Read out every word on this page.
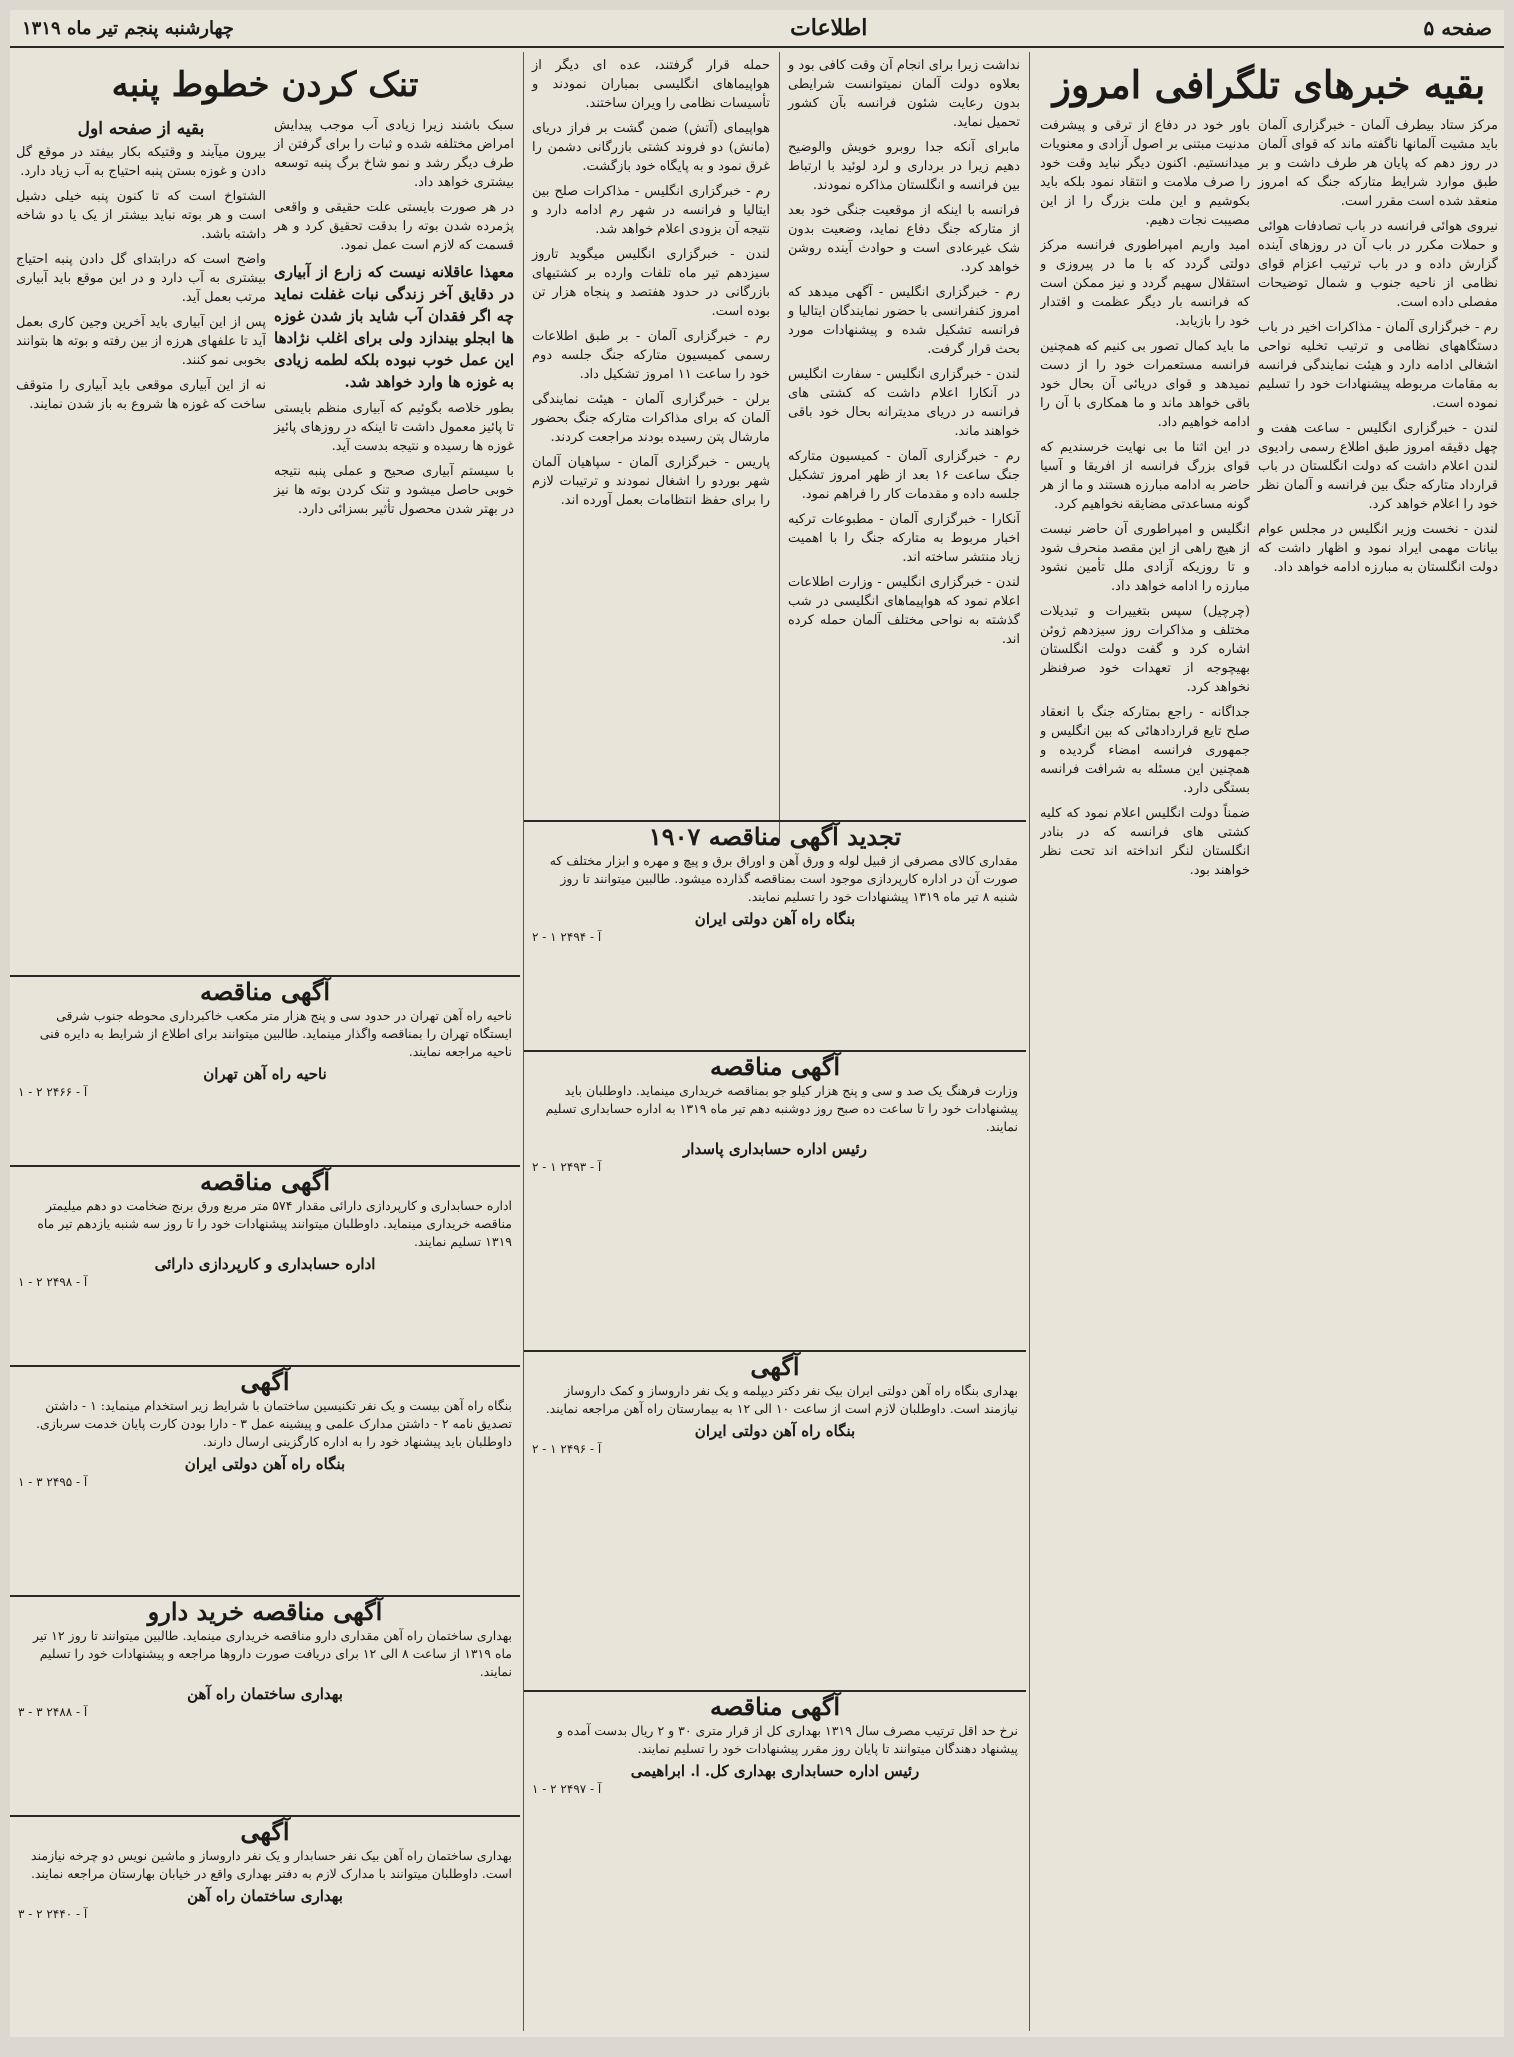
صفحه ۵
اطلاعات
چهارشنبه پنجم تیر ماه ۱۳۱۹
بقیه خبرهای تلگرافی امروز

مرکز ستاد بیطرف آلمان - خبرگزاری آلمان باید مشیت آلمانها ناگفته ماند که قوای آلمان در روز دهم که پایان هر طرف داشت و بر طبق موارد شرایط متارکه جنگ که امروز منعقد شده است مقرر است.

نیروی هوائی فرانسه در باب تصادفات هوائی و حملات مکرر در باب آن در روزهای آینده گزارش داده و در باب ترتیب اعزام قوای نظامی از ناحیه جنوب و شمال توضیحات مفصلی داده است.

رم - خبرگزاری آلمان - مذاکرات اخیر در باب دستگاههای نظامی و ترتیب تخلیه نواحی اشغالی ادامه دارد و هیئت نمایندگی فرانسه به مقامات مربوطه پیشنهادات خود را تسلیم نموده است.

لندن - خبرگزاری انگلیس - ساعت هفت و چهل دقیقه امروز طبق اطلاع رسمی رادیوی لندن اعلام داشت که دولت انگلستان در باب قرارداد متارکه جنگ بین فرانسه و آلمان نظر خود را اعلام خواهد کرد.

لندن - نخست وزیر انگلیس در مجلس عوام بیانات مهمی ایراد نمود و اظهار داشت که دولت انگلستان به مبارزه ادامه خواهد داد.

باور خود در دفاع از ترقی و پیشرفت مدنیت مبتنی بر اصول آزادی و معنویات میدانستیم. اکنون دیگر نباید وقت خود را صرف ملامت و انتقاد نمود بلکه باید بکوشیم و این ملت بزرگ را از این مصیبت نجات دهیم.

امید واریم امپراطوری فرانسه مرکز دولتی گردد که با ما در پیروزی و استقلال سهیم گردد و نیز ممکن است که فرانسه بار دیگر عظمت و اقتدار خود را بازیابد.

ما باید کمال تصور بی کنیم که همچنین فرانسه مستعمرات خود را از دست نمیدهد و قوای دریائی آن بحال خود باقی خواهد ماند و ما همکاری با آن را ادامه خواهیم داد.

در این اثنا ما بی نهایت خرسندیم که قوای بزرگ فرانسه از افریقا و آسیا حاضر به ادامه مبارزه هستند و ما از هر گونه مساعدتی مضایقه نخواهیم کرد.

انگلیس و امپراطوری آن حاضر نیست از هیچ راهی از این مقصد منحرف شود و تا روزیکه آزادی ملل تأمین نشود مبارزه را ادامه خواهد داد.

(چرچیل) سپس بتغییرات و تبدیلات مختلف و مذاکرات روز سیزدهم ژوئن اشاره کرد و گفت دولت انگلستان بهیچوجه از تعهدات خود صرفنظر نخواهد کرد.

جداگانه - راجع بمتارکه جنگ با انعقاد صلح تایع قراردادهائی که بین انگلیس و جمهوری فرانسه امضاء گردیده و همچنین این مسئله به شرافت فرانسه بستگی دارد.

ضمناً دولت انگلیس اعلام نمود که کلیه کشتی های فرانسه که در بنادر انگلستان لنگر انداخته اند تحت نظر خواهند بود.

نداشت زیرا برای انجام آن وقت کافی بود و بعلاوه دولت آلمان نمیتوانست شرایطی بدون رعایت شئون فرانسه بآن کشور تحمیل نماید.

مابرای آنکه جدا روبرو خویش والوضیح دهیم زیرا در برداری و لرد لوئید با ارتباط بین فرانسه و انگلستان مذاکره نمودند.

فرانسه با اینکه از موقعیت جنگی خود بعد از متارکه جنگ دفاع نماید، وضعیت بدون شک غیرعادی است و حوادث آینده روشن خواهد کرد.

رم - خبرگزاری انگلیس - آگهی میدهد که امروز کنفرانسی با حضور نمایندگان ایتالیا و فرانسه تشکیل شده و پیشنهادات مورد بحث قرار گرفت.

لندن - خبرگزاری انگلیس - سفارت انگلیس در آنکارا اعلام داشت که کشتی های فرانسه در دریای مدیترانه بحال خود باقی خواهند ماند.

رم - خبرگزاری آلمان - کمیسیون متارکه جنگ ساعت ۱۶ بعد از ظهر امروز تشکیل جلسه داده و مقدمات کار را فراهم نمود.

آنکارا - خبرگزاری آلمان - مطبوعات ترکیه اخبار مربوط به متارکه جنگ را با اهمیت زیاد منتشر ساخته اند.

لندن - خبرگزاری انگلیس - وزارت اطلاعات اعلام نمود که هواپیماهای انگلیسی در شب گذشته به نواحی مختلف آلمان حمله کرده اند.

حمله قرار گرفتند، عده ای دیگر از هواپیماهای انگلیسی بمباران نمودند و تأسیسات نظامی را ویران ساختند.

هواپیمای (آتش) ضمن گشت بر فراز دریای (مانش) دو فروند کشتی بازرگانی دشمن را غرق نمود و به پایگاه خود بازگشت.

رم - خبرگزاری انگلیس - مذاکرات صلح بین ایتالیا و فرانسه در شهر رم ادامه دارد و نتیجه آن بزودی اعلام خواهد شد.

لندن - خبرگزاری انگلیس میگوید تاروز سیزدهم تیر ماه تلفات وارده بر کشتیهای بازرگانی در حدود هفتصد و پنجاه هزار تن بوده است.

رم - خبرگزاری آلمان - بر طبق اطلاعات رسمی کمیسیون متارکه جنگ جلسه دوم خود را ساعت ۱۱ امروز تشکیل داد.

برلن - خبرگزاری آلمان - هیئت نمایندگی آلمان که برای مذاکرات متارکه جنگ بحضور مارشال پتن رسیده بودند مراجعت کردند.

پاریس - خبرگزاری آلمان - سپاهیان آلمان شهر بوردو را اشغال نمودند و ترتیبات لازم را برای حفظ انتظامات بعمل آورده اند.

تنک کردن خطوط پنبه

سبک باشند زیرا زیادی آب موجب پیدایش امراض مختلفه شده و ثبات را برای گرفتن از طرف دیگر رشد و نمو شاخ برگ پنبه توسعه بیشتری خواهد داد.

در هر صورت بایستی علت حقیقی و واقعی پژمرده شدن بوته را بدقت تحقیق کرد و هر قسمت که لازم است عمل نمود.

معهذا عاقلانه نیست که زارع از آبیاری در دقایق آخر زندگی نبات غفلت نماید چه اگر فقدان آب شاید باز شدن غوزه ها ابجلو بیندازد ولی برای اغلب نژادها این عمل خوب نبوده بلکه لطمه زیادی به غوزه ها وارد خواهد شد.

بطور خلاصه بگوئیم که آبیاری منظم بایستی تا پائیز معمول داشت تا اینکه در روزهای پائیز غوزه ها رسیده و نتیجه بدست آید.

با سیستم آبیاری صحیح و عملی پنبه نتیجه خوبی حاصل میشود و تنک کردن بوته ها نیز در بهتر شدن محصول تأثیر بسزائی دارد.

بقیه از صفحه اول

بیرون میآیند و وقتیکه بکار بیفتد در موقع گل دادن و غوزه بستن پنبه احتیاج به آب زیاد دارد.

الشتواخ است که تا کنون پنبه خیلی دشیل است و هر بوته نباید بیشتر از یک یا دو شاخه داشته باشد.

واضح است که درابتدای گل دادن پنبه احتیاج بیشتری به آب دارد و در این موقع باید آبیاری مرتب بعمل آید.

پس از این آبیاری باید آخرین وجین کاری بعمل آید تا علفهای هرزه از بین رفته و بوته ها بتوانند بخوبی نمو کنند.

نه از این آبیاری موقعی باید آبیاری را متوقف ساخت که غوزه ها شروع به باز شدن نمایند.

آگهی مناقصه
ناحیه راه آهن تهران در حدود سی و پنج هزار متر مکعب خاکبرداری محوطه جنوب شرقی ایستگاه تهران را بمناقصه واگذار مینماید. طالبین میتوانند برای اطلاع از شرایط به دایره فنی ناحیه مراجعه نمایند.
ناحیه راه آهن تهران
آ - ۲۴۶۶ ۲ - ۱
آگهی مناقصه
اداره حسابداری و کارپردازی دارائی مقدار ۵۷۴ متر مربع ورق برنج ضخامت دو دهم میلیمتر مناقصه خریداری مینماید. داوطلبان میتوانند پیشنهادات خود را تا روز سه شنبه یازدهم تیر ماه ۱۳۱۹ تسلیم نمایند.
اداره حسابداری و کارپردازی دارائی
آ - ۲۴۹۸ ۲ - ۱
آگهی
بنگاه راه آهن بیست و یک نفر تکنیسین ساختمان با شرایط زیر استخدام مینماید: ۱ - داشتن تصدیق نامه ۲ - داشتن مدارک علمی و پیشینه عمل ۳ - دارا بودن کارت پایان خدمت سربازی. داوطلبان باید پیشنهاد خود را به اداره کارگزینی ارسال دارند.
بنگاه راه آهن دولتی ایران
آ - ۲۴۹۵ ۳ - ۱
آگهی مناقصه خرید دارو
بهداری ساختمان راه آهن مقداری دارو مناقصه خریداری مینماید. طالبین میتوانند تا روز ۱۲ تیر ماه ۱۳۱۹ از ساعت ۸ الی ۱۲ برای دریافت صورت داروها مراجعه و پیشنهادات خود را تسلیم نمایند.
بهداری ساختمان راه آهن
آ - ۲۴۸۸ ۳ - ۳
آگهی
بهداری ساختمان راه آهن بیک نفر حسابدار و یک نفر داروساز و ماشین نویس دو چرخه نیازمند است. داوطلبان میتوانند با مدارک لازم به دفتر بهداری واقع در خیابان بهارستان مراجعه نمایند.
بهداری ساختمان راه آهن
آ - ۲۴۴۰ ۲ - ۳
تجدید آگهی مناقصه ۱۹۰۷
مقداری کالای مصرفی از قبیل لوله و ورق آهن و اوراق برق و پیچ و مهره و ابزار مختلف که صورت آن در اداره کارپردازی موجود است بمناقصه گذارده میشود. طالبین میتوانند تا روز شنبه ۸ تیر ماه ۱۳۱۹ پیشنهادات خود را تسلیم نمایند.
بنگاه راه آهن دولتی ایران
آ - ۲۴۹۴ ۱ - ۲
آگهی مناقصه
وزارت فرهنگ یک صد و سی و پنج هزار کیلو جو بمناقصه خریداری مینماید. داوطلبان باید پیشنهادات خود را تا ساعت ده صبح روز دوشنبه دهم تیر ماه ۱۳۱۹ به اداره حسابداری تسلیم نمایند.
رئیس اداره حسابداری پاسدار
آ - ۲۴۹۳ ۱ - ۲
آگهی
بهداری بنگاه راه آهن دولتی ایران بیک نفر دکتر دیپلمه و یک نفر داروساز و کمک داروساز نیازمند است. داوطلبان لازم است از ساعت ۱۰ الی ۱۲ به بیمارستان راه آهن مراجعه نمایند.
بنگاه راه آهن دولتی ایران
آ - ۲۴۹۶ ۱ - ۲
آگهی مناقصه
نرخ حد اقل ترتیب مصرف سال ۱۳۱۹ بهداری کل از قرار متری ۳۰ و ۲ ریال بدست آمده و پیشنهاد دهندگان میتوانند تا پایان روز مقرر پیشنهادات خود را تسلیم نمایند.
رئیس اداره حسابداری بهداری کل. ا. ابراهیمی
آ - ۲۴۹۷ ۲ - ۱
